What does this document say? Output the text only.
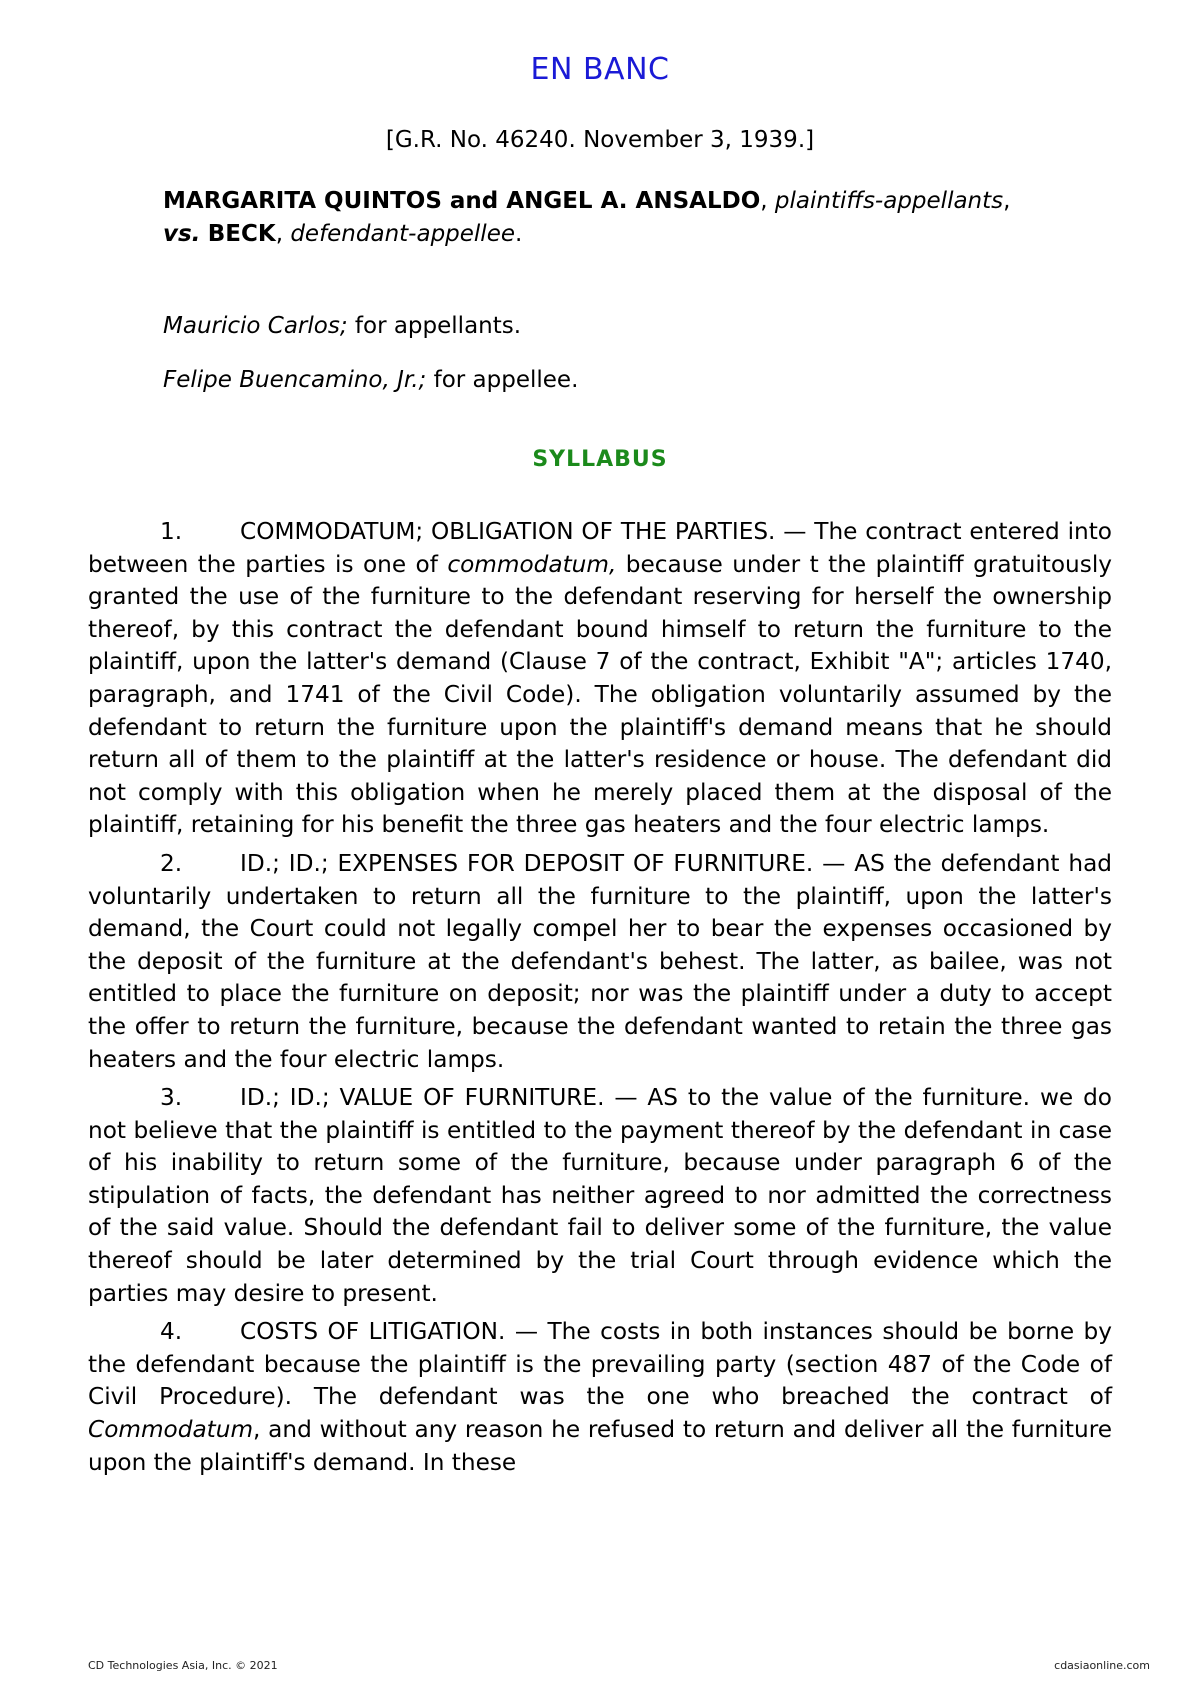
EN BANC
[G.R. No. 46240. November 3, 1939.]
MARGARITA QUINTOS and ANGEL A. ANSALDO, plaintiffs-appellants, vs. BECK, defendant-appellee.
Mauricio Carlos; for appellants.
Felipe Buencamino, Jr.; for appellee.
SYLLABUS

1. COMMODATUM; OBLIGATION OF THE PARTIES. — The contract entered into between the parties is one of commodatum, because under t the plaintiff gratuitously granted the use of the furniture to the defendant reserving for herself the ownership thereof, by this contract the defendant bound himself to return the furniture to the plaintiff, upon the latter's demand (Clause 7 of the contract, Exhibit "A"; articles 1740, paragraph, and 1741 of the Civil Code). The obligation voluntarily assumed by the defendant to return the furniture upon the plaintiff's demand means that he should return all of them to the plaintiff at the latter's residence or house. The defendant did not comply with this obligation when he merely placed them at the disposal of the plaintiff, retaining for his benefit the three gas heaters and the four electric lamps.

2. ID.; ID.; EXPENSES FOR DEPOSIT OF FURNITURE. — AS the defendant had voluntarily undertaken to return all the furniture to the plaintiff, upon the latter's demand, the Court could not legally compel her to bear the expenses occasioned by the deposit of the furniture at the defendant's behest. The latter, as bailee, was not entitled to place the furniture on deposit; nor was the plaintiff under a duty to accept the offer to return the furniture, because the defendant wanted to retain the three gas heaters and the four electric lamps.

3. ID.; ID.; VALUE OF FURNITURE. — AS to the value of the furniture. we do not believe that the plaintiff is entitled to the payment thereof by the defendant in case of his inability to return some of the furniture, because under paragraph 6 of the stipulation of facts, the defendant has neither agreed to nor admitted the correctness of the said value. Should the defendant fail to deliver some of the furniture, the value thereof should be later determined by the trial Court through evidence which the parties may desire to present.

4. COSTS OF LITIGATION. — The costs in both instances should be borne by the defendant because the plaintiff is the prevailing party (section 487 of the Code of Civil Procedure). The defendant was the one who breached the contract of Commodatum, and without any reason he refused to return and deliver all the furniture upon the plaintiff's demand. In these

CD Technologies Asia, Inc. © 2021	cdasiaonline.com
